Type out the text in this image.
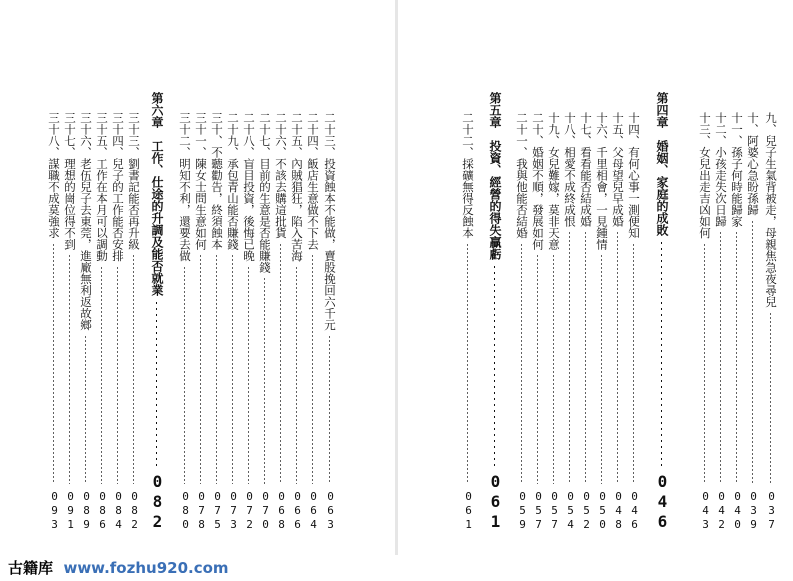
二十三、投資蝕本不能做，賣股挽回六千元
063
二十四、飯店生意做不下去
064
二十五、內賊猖狂，陷入苦海
066
二十六、不該去購這批貨
068
二十七、目前的生意是否能賺錢
070
二十八、盲目投資，後悔已晚
072
二十九、承包青山能否賺錢
073
三十、不聽勸告，終須蝕本
075
三十一、陳女士問生意如何
078
三十二、明知不利，還要去做
080
第六章　工作、仕途的升調及能否就業
082
三十三、劉書記能否再升級
082
三十四、兒子的工作能否安排
084
三十五、工作在本月可以調動
086
三十六、老伍兒子去東莞，進廠無利返故鄉
089
三十七、理想的崗位得不到
091
三十八、謀職不成莫強求
093
九、兒子生氣背被走，母親焦急夜尋兒
037
十、阿婆心急盼孫歸
039
十一、孫子何時能歸家
040
十二、小孩走失次日歸
042
十三、女兒出走吉凶如何
043
第四章　婚姻、家庭的成敗
046
十四、有何心事一測便知
046
十五、父母望兒早成婚
048
十六、千里相會，一見鍾情
050
十七、看看能否結成婚
052
十八、相愛不成終成恨
054
十九、女兒難嫁，莫非天意
057
二十、婚姻不順，發展如何
057
二十一、我與他能否結婚
059
第五章　投資、經營的得失贏虧
061
二十二、採礦無得反蝕本
061
古籍库 www.fozhu920.com
